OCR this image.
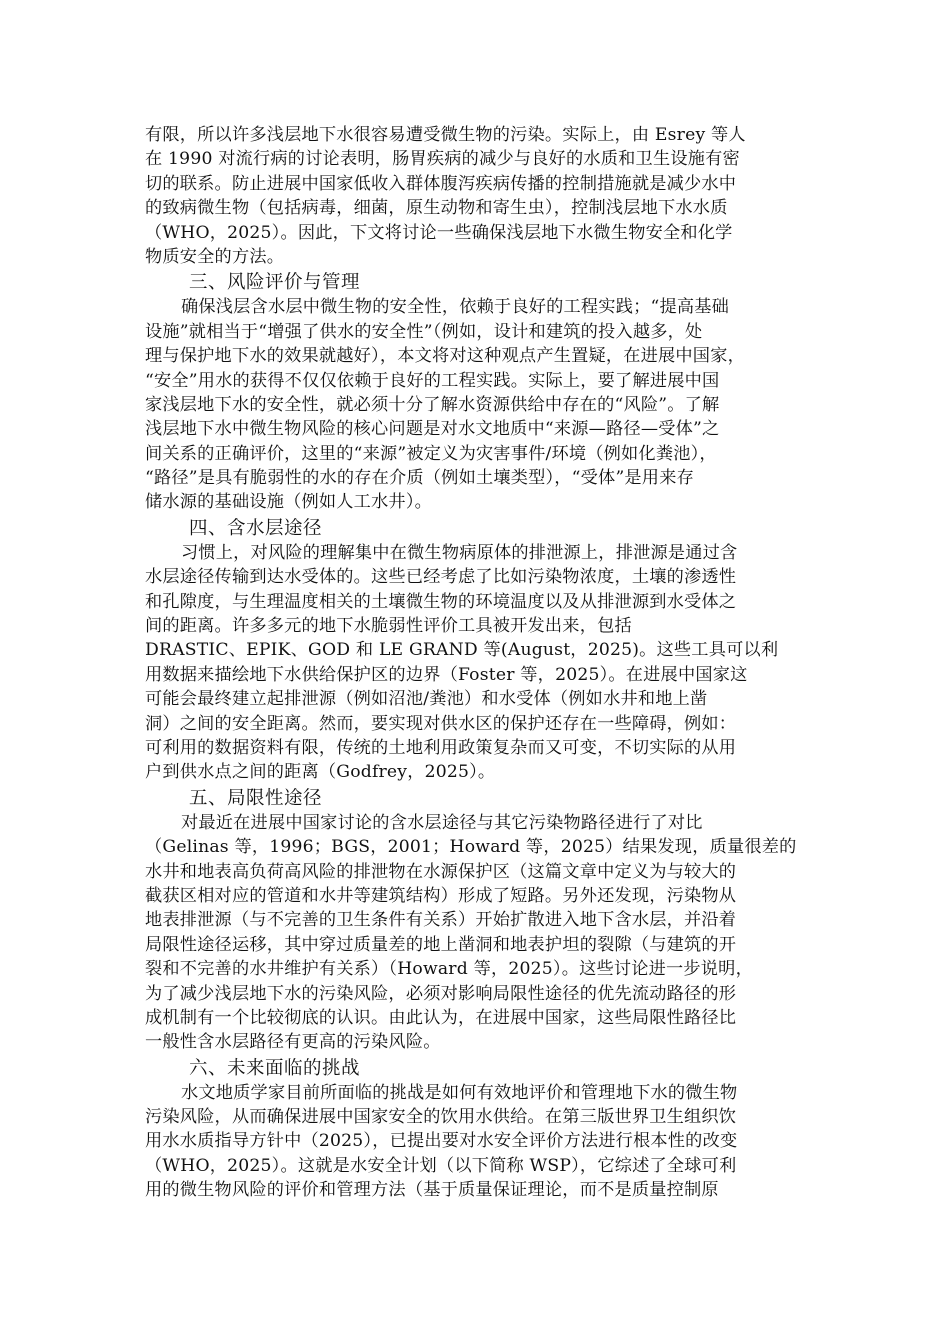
有限，所以许多浅层地下水很容易遭受微生物的污染。实际上，由 Esrey 等人
在 1990 对流行病的讨论表明，肠胃疾病的减少与良好的水质和卫生设施有密
切的联系。防止进展中国家低收入群体腹泻疾病传播的控制措施就是减少水中
的致病微生物（包括病毒，细菌，原生动物和寄生虫），控制浅层地下水水质
（WHO，2025）。因此，下文将讨论一些确保浅层地下水微生物安全和化学
物质安全的方法。
三、风险评价与管理
确保浅层含水层中微生物的安全性，依赖于良好的工程实践；“提高基础
设施”就相当于“增强了供水的安全性”（例如，设计和建筑的投入越多，处
理与保护地下水的效果就越好），本文将对这种观点产生置疑，在进展中国家，
“安全”用水的获得不仅仅依赖于良好的工程实践。实际上，要了解进展中国
家浅层地下水的安全性，就必须十分了解水资源供给中存在的“风险”。了解
浅层地下水中微生物风险的核心问题是对水文地质中“来源—路径—受体”之
间关系的正确评价，这里的“来源”被定义为灾害事件/环境（例如化粪池），
“路径”是具有脆弱性的水的存在介质（例如土壤类型），“受体”是用来存
储水源的基础设施（例如人工水井）。
四、含水层途径
习惯上，对风险的理解集中在微生物病原体的排泄源上，排泄源是通过含
水层途径传输到达水受体的。这些已经考虑了比如污染物浓度，土壤的渗透性
和孔隙度，与生理温度相关的土壤微生物的环境温度以及从排泄源到水受体之
间的距离。许多多元的地下水脆弱性评价工具被开发出来，包括
DRASTIC、EPIK、GOD 和 LE GRAND 等(August，2025)。这些工具可以利
用数据来描绘地下水供给保护区的边界（Foster 等，2025）。在进展中国家这
可能会最终建立起排泄源（例如沼池/粪池）和水受体（例如水井和地上凿
洞）之间的安全距离。然而，要实现对供水区的保护还存在一些障碍，例如：
可利用的数据资料有限，传统的土地利用政策复杂而又可变，不切实际的从用
户到供水点之间的距离（Godfrey，2025）。
五、局限性途径
对最近在进展中国家讨论的含水层途径与其它污染物路径进行了对比
（Gelinas 等，1996；BGS，2001；Howard 等，2025）结果发现，质量很差的
水井和地表高负荷高风险的排泄物在水源保护区（这篇文章中定义为与较大的
截获区相对应的管道和水井等建筑结构）形成了短路。另外还发现，污染物从
地表排泄源（与不完善的卫生条件有关系）开始扩散进入地下含水层，并沿着
局限性途径运移，其中穿过质量差的地上凿洞和地表护坦的裂隙（与建筑的开
裂和不完善的水井维护有关系）（Howard 等，2025）。这些讨论进一步说明，
为了减少浅层地下水的污染风险，必须对影响局限性途径的优先流动路径的形
成机制有一个比较彻底的认识。由此认为，在进展中国家，这些局限性路径比
一般性含水层路径有更高的污染风险。
六、未来面临的挑战
水文地质学家目前所面临的挑战是如何有效地评价和管理地下水的微生物
污染风险，从而确保进展中国家安全的饮用水供给。在第三版世界卫生组织饮
用水水质指导方针中（2025），已提出要对水安全评价方法进行根本性的改变
（WHO，2025）。这就是水安全计划（以下简称 WSP），它综述了全球可利
用的微生物风险的评价和管理方法（基于质量保证理论，而不是质量控制原
